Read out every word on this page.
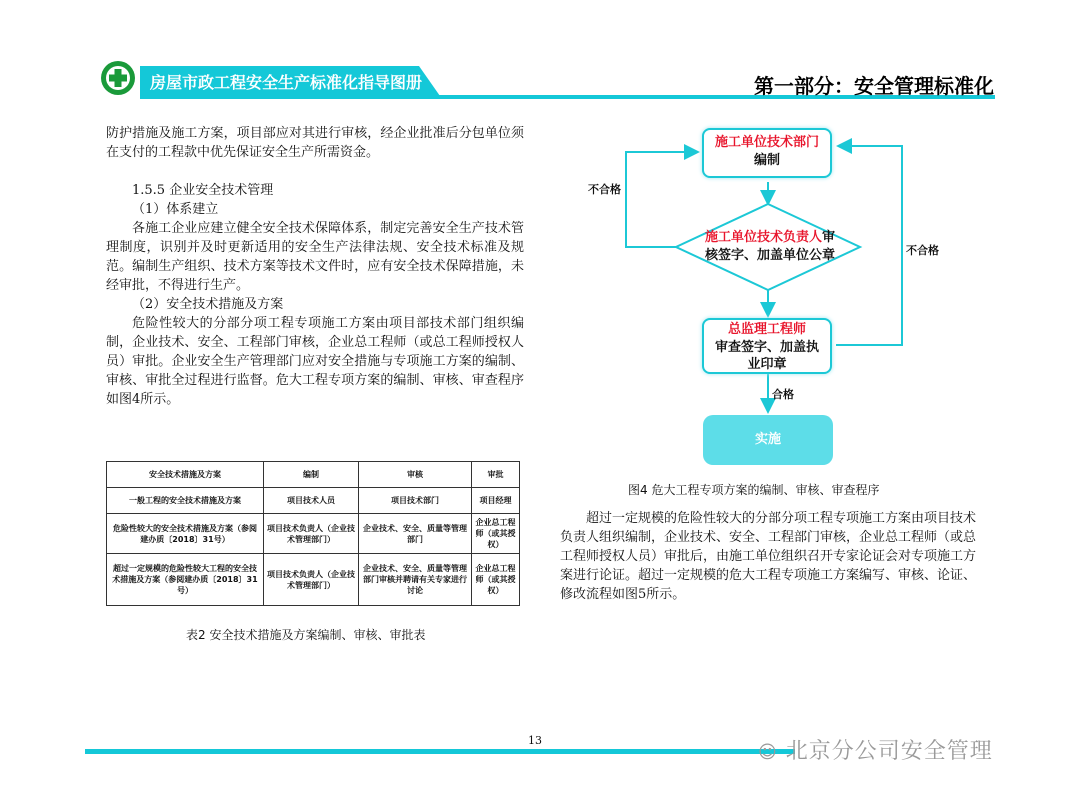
房屋市政工程安全生产标准化指导图册	第一部分：安全管理标准化

防护措施及施工方案，项目部应对其进行审核，经企业批准后分包单位须在支付的工程款中优先保证安全生产所需资金。

1.5.5 企业安全技术管理

（1）体系建立

各施工企业应建立健全安全技术保障体系，制定完善安全生产技术管理制度，识别并及时更新适用的安全生产法律法规、安全技术标准及规范。编制生产组织、技术方案等技术文件时，应有安全技术保障措施，未经审批，不得进行生产。

（2）安全技术措施及方案

危险性较大的分部分项工程专项施工方案由项目部技术部门组织编制，企业技术、安全、工程部门审核，企业总工程师（或总工程师授权人员）审批。企业安全生产管理部门应对安全措施与专项施工方案的编制、审核、审批全过程进行监督。危大工程专项方案的编制、审核、审查程序如图4所示。

安全技术措施及方案	编制	审核	审批
一般工程的安全技术措施及方案	项目技术人员	项目技术部门	项目经理
危险性较大的安全技术措施及方案（参阅建办质〔2018〕31号）	项目技术负责人（企业技术管理部门）	企业技术、安全、质量等管理部门	企业总工程师（或其授权）
超过一定规模的危险性较大工程的安全技术措施及方案（参阅建办质〔2018〕31号）	项目技术负责人（企业技术管理部门）	企业技术、安全、质量等管理部门审核并聘请有关专家进行讨论	企业总工程师（或其授权）
表2 安全技术措施及方案编制、审核、审批表
施工单位技术部门
编制
施工单位技术负责人审
核签字、加盖单位公章
总监理工程师
审查签字、加盖执业印章
实施
不合格
不合格
合格
图4 危大工程专项方案的编制、审核、审查程序

超过一定规模的危险性较大的分部分项工程专项施工方案由项目技术负责人组织编制，企业技术、安全、工程部门审核，企业总工程师（或总工程师授权人员）审批后，由施工单位组织召开专家论证会对专项施工方案进行论证。超过一定规模的危大工程专项施工方案编写、审核、论证、修改流程如图5所示。

13
☺ 北京分公司安全管理
